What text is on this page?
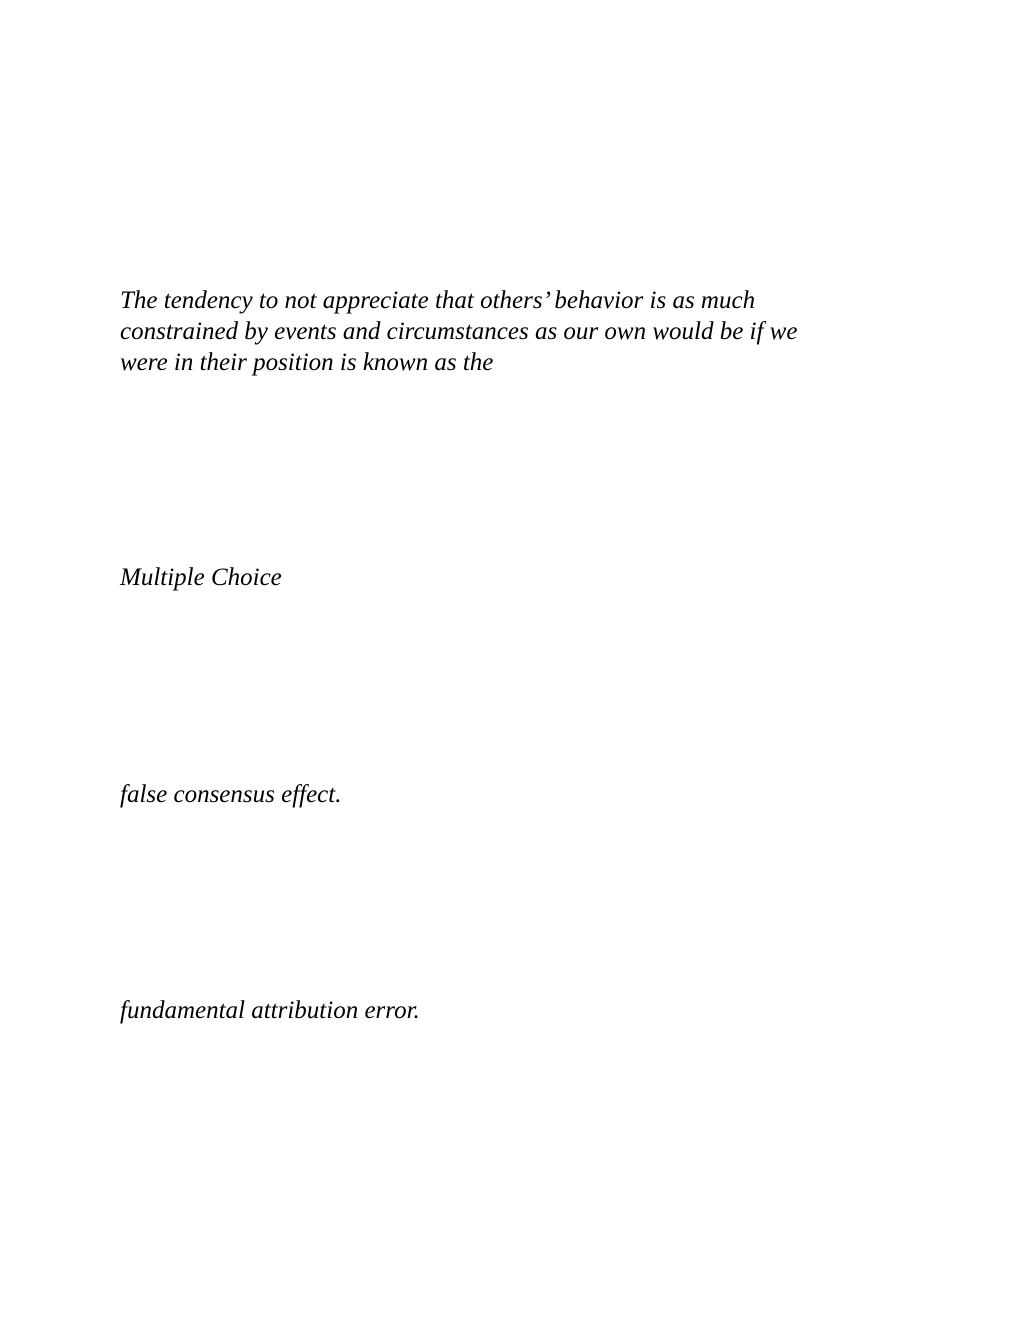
The tendency to not appreciate that others’ behavior is as much
constrained by events and circumstances as our own would be if we
were in their position is known as the

Multiple Choice

false consensus effect.

fundamental attribution error.
